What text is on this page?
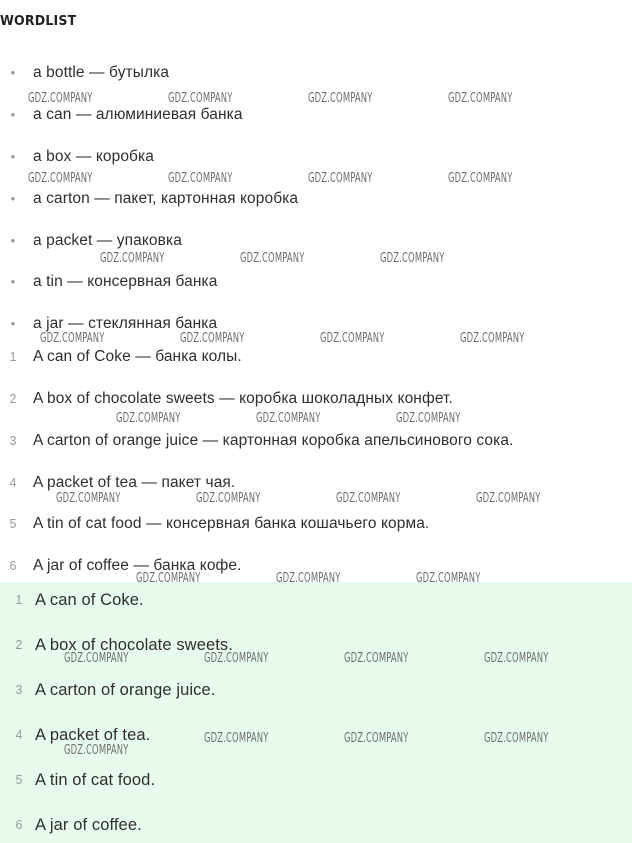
WORDLIST
•	a bottle — бутылка
•	a can — алюминиевая банка
•	a box — коробка
•	a carton — пакет, картонная коробка
•	a packet — упаковка
•	a tin — консервная банка
•	a jar — стеклянная банка
1	A can of Coke — банка колы.
2	A box of chocolate sweets — коробка шоколадных конфет.
3	A carton of orange juice — картонная коробка апельсинового сока.
4	A packet of tea — пакет чая.
5	A tin of cat food — консервная банка кошачьего корма.
6	A jar of coffee — банка кофе.
1 A can of Coke.
2 A box of chocolate sweets.
3 A carton of orange juice.
4 A packet of tea.
5 A tin of cat food.
6 A jar of coffee.
GDZ.COMPANY	GDZ.COMPANY	GDZ.COMPANY	GDZ.COMPANY
GDZ.COMPANY	GDZ.COMPANY	GDZ.COMPANY	GDZ.COMPANY
GDZ.COMPANY	GDZ.COMPANY	GDZ.COMPANY
GDZ.COMPANY	GDZ.COMPANY	GDZ.COMPANY	GDZ.COMPANY
GDZ.COMPANY	GDZ.COMPANY	GDZ.COMPANY
GDZ.COMPANY	GDZ.COMPANY	GDZ.COMPANY	GDZ.COMPANY
GDZ.COMPANY	GDZ.COMPANY	GDZ.COMPANY
GDZ.COMPANY	GDZ.COMPANY	GDZ.COMPANY	GDZ.COMPANY
GDZ.COMPANY	GDZ.COMPANY	GDZ.COMPANY
GDZ.COMPANY
